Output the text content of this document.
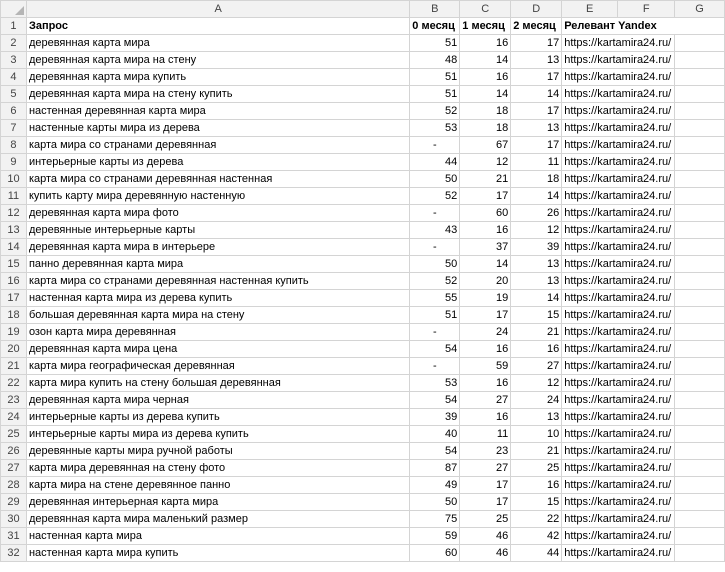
	A	B	C	D	E	F	G
1	Запрос	0 месяц	1 месяц	2 месяц	Релевант Yandex		
2	деревянная карта мира	51	16	17	https://kartamira24.ru/		
3	деревянная карта мира на стену	48	14	13	https://kartamira24.ru/		
4	деревянная карта мира купить	51	16	17	https://kartamira24.ru/		
5	деревянная карта мира на стену купить	51	14	14	https://kartamira24.ru/		
6	настенная деревянная карта мира	52	18	17	https://kartamira24.ru/		
7	настенные карты мира из дерева	53	18	13	https://kartamira24.ru/		
8	карта мира со странами деревянная	-	67	17	https://kartamira24.ru/		
9	интерьерные карты из дерева	44	12	11	https://kartamira24.ru/		
10	карта мира со странами деревянная настенная	50	21	18	https://kartamira24.ru/		
11	купить карту мира деревянную настенную	52	17	14	https://kartamira24.ru/		
12	деревянная карта мира фото	-	60	26	https://kartamira24.ru/		
13	деревянные интерьерные карты	43	16	12	https://kartamira24.ru/		
14	деревянная карта мира в интерьере	-	37	39	https://kartamira24.ru/		
15	панно деревянная карта мира	50	14	13	https://kartamira24.ru/		
16	карта мира со странами деревянная настенная купить	52	20	13	https://kartamira24.ru/		
17	настенная карта мира из дерева купить	55	19	14	https://kartamira24.ru/		
18	большая деревянная карта мира на стену	51	17	15	https://kartamira24.ru/		
19	озон карта мира деревянная	-	24	21	https://kartamira24.ru/		
20	деревянная карта мира цена	54	16	16	https://kartamira24.ru/		
21	карта мира географическая деревянная	-	59	27	https://kartamira24.ru/		
22	карта мира купить на стену большая деревянная	53	16	12	https://kartamira24.ru/		
23	деревянная карта мира черная	54	27	24	https://kartamira24.ru/		
24	интерьерные карты из дерева купить	39	16	13	https://kartamira24.ru/		
25	интерьерные карты мира из дерева купить	40	11	10	https://kartamira24.ru/		
26	деревянные карты мира ручной работы	54	23	21	https://kartamira24.ru/		
27	карта мира деревянная на стену фото	87	27	25	https://kartamira24.ru/		
28	карта мира на стене деревянное панно	49	17	16	https://kartamira24.ru/		
29	деревянная интерьерная карта мира	50	17	15	https://kartamira24.ru/		
30	деревянная карта мира маленький размер	75	25	22	https://kartamira24.ru/		
31	настенная карта мира	59	46	42	https://kartamira24.ru/		
32	настенная карта мира купить	60	46	44	https://kartamira24.ru/		
